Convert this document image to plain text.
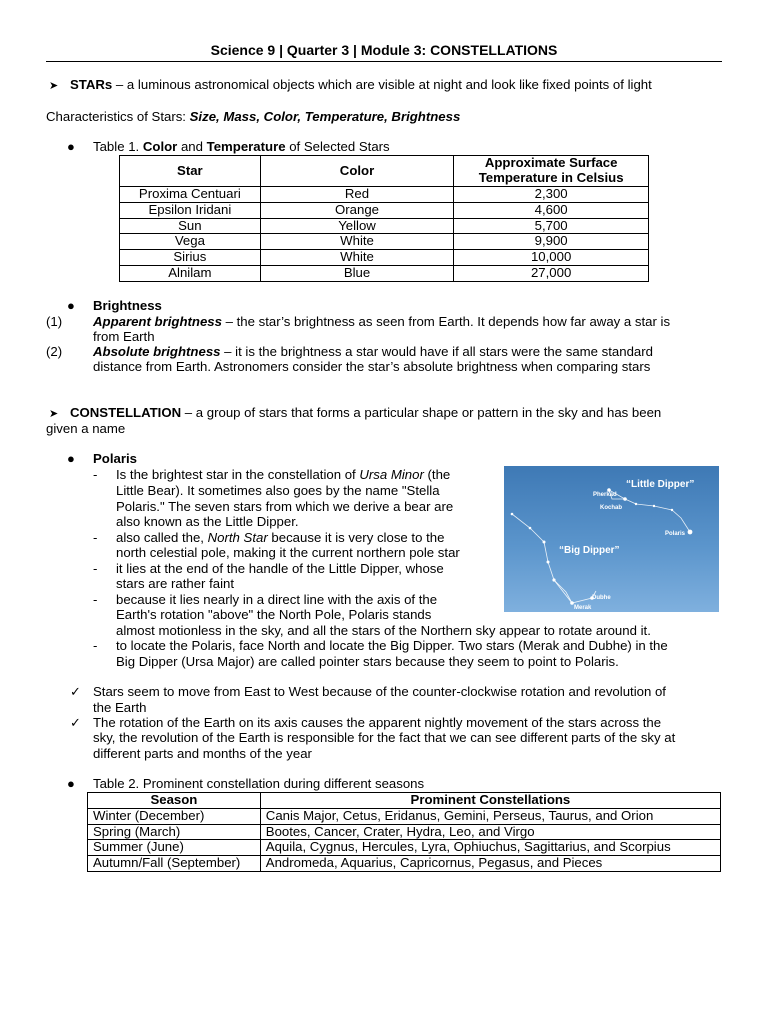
Science 9 | Quarter 3 | Module 3: CONSTELLATIONS
➤ STARs – a luminous astronomical objects which are visible at night and look like fixed points of light
Characteristics of Stars: Size, Mass, Color, Temperature, Brightness
● Table 1. Color and Temperature of Selected Stars
Star	Color	Approximate Surface Temperature in Celsius
Proxima Centuari	Red	2,300
Epsilon Iridani	Orange	4,600
Sun	Yellow	5,700
Vega	White	9,900
Sirius	White	10,000
Alnilam	Blue	27,000
● Brightness
(1) Apparent brightness – the star’s brightness as seen from Earth. It depends how far away a star is
from Earth
(2) Absolute brightness – it is the brightness a star would have if all stars were the same standard
distance from Earth. Astronomers consider the star’s absolute brightness when comparing stars
➤ CONSTELLATION – a group of stars that forms a particular shape or pattern in the sky and has been
given a name
● Polaris
- Is the brightest star in the constellation of Ursa Minor (the
Little Bear). It sometimes also goes by the name "Stella
Polaris." The seven stars from which we derive a bear are
also known as the Little Dipper.
- also called the, North Star because it is very close to the
north celestial pole, making it the current northern pole star
- it lies at the end of the handle of the Little Dipper, whose
stars are rather faint
- because it lies nearly in a direct line with the axis of the
Earth's rotation "above" the North Pole, Polaris stands
almost motionless in the sky, and all the stars of the Northern sky appear to rotate around it.
- to locate the Polaris, face North and locate the Big Dipper. Two stars (Merak and Dubhe) in the
Big Dipper (Ursa Major) are called pointer stars because they seem to point to Polaris.
“Little Dipper”
Pherkad
Kochab
Polaris
“Big Dipper”
Dubhe
Merak
✓ Stars seem to move from East to West because of the counter-clockwise rotation and revolution of
the Earth
✓ The rotation of the Earth on its axis causes the apparent nightly movement of the stars across the
sky, the revolution of the Earth is responsible for the fact that we can see different parts of the sky at
different parts and months of the year
● Table 2. Prominent constellation during different seasons
Season	Prominent Constellations
Winter (December)	Canis Major, Cetus, Eridanus, Gemini, Perseus, Taurus, and Orion
Spring (March)	Bootes, Cancer, Crater, Hydra, Leo, and Virgo
Summer (June)	Aquila, Cygnus, Hercules, Lyra, Ophiuchus, Sagittarius, and Scorpius
Autumn/Fall (September)	Andromeda, Aquarius, Capricornus, Pegasus, and Pieces
